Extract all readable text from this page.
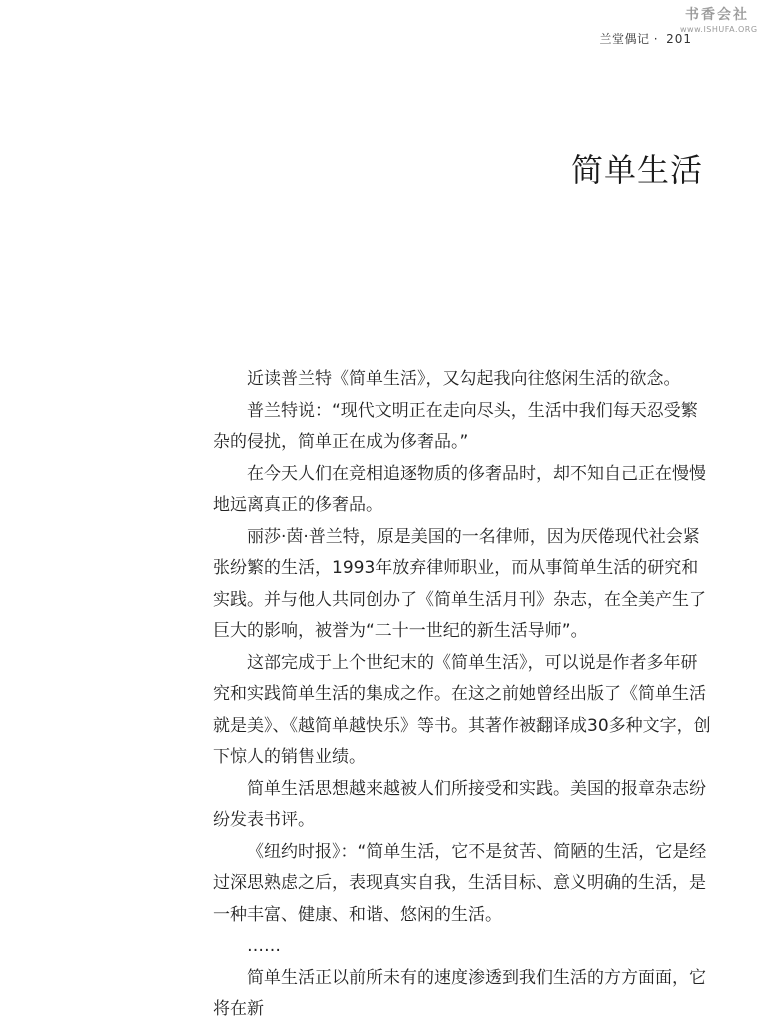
书香会社
www.ISHUFA.ORG
兰堂偶记 · 201
简单生活

近读普兰特《简单生活》，又勾起我向往悠闲生活的欲念。

普兰特说：“现代文明正在走向尽头，生活中我们每天忍受繁杂的侵扰，简单正在成为侈奢品。”

在今天人们在竞相追逐物质的侈奢品时，却不知自己正在慢慢地远离真正的侈奢品。

丽莎·茵·普兰特，原是美国的一名律师，因为厌倦现代社会紧张纷繁的生活，1993年放弃律师职业，而从事简单生活的研究和实践。并与他人共同创办了《简单生活月刊》杂志，在全美产生了巨大的影响，被誉为“二十一世纪的新生活导师”。

这部完成于上个世纪末的《简单生活》，可以说是作者多年研究和实践简单生活的集成之作。在这之前她曾经出版了《简单生活就是美》、《越简单越快乐》等书。其著作被翻译成30多种文字，创下惊人的销售业绩。

简单生活思想越来越被人们所接受和实践。美国的报章杂志纷纷发表书评。

《纽约时报》：“简单生活，它不是贫苦、简陋的生活，它是经过深思熟虑之后，表现真实自我，生活目标、意义明确的生活，是一种丰富、健康、和谐、悠闲的生活。

……

简单生活正以前所未有的速度渗透到我们生活的方方面面，它将在新
